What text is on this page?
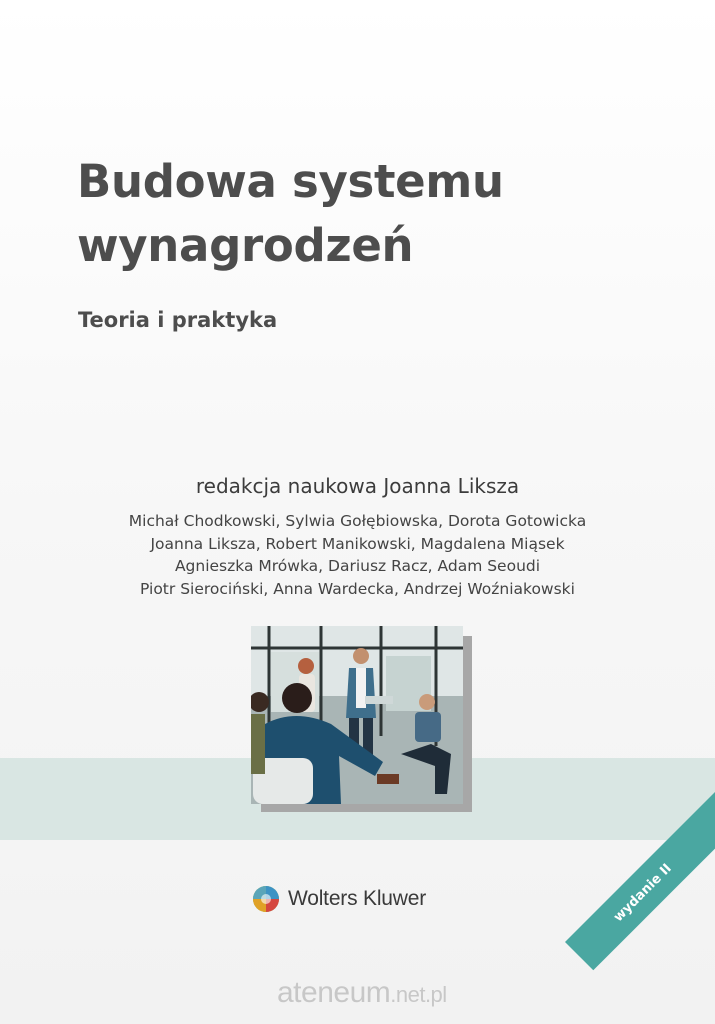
Budowa systemu
wynagrodzeń
Teoria i praktyka
redakcja naukowa Joanna Liksza
Michał Chodkowski, Sylwia Gołębiowska, Dorota Gotowicka
Joanna Liksza, Robert Manikowski, Magdalena Miąsek
Agnieszka Mrówka, Dariusz Racz, Adam Seoudi
Piotr Sierociński, Anna Wardecka, Andrzej Woźniakowski
Wolters Kluwer
ateneum.net.pl
wydanie II
